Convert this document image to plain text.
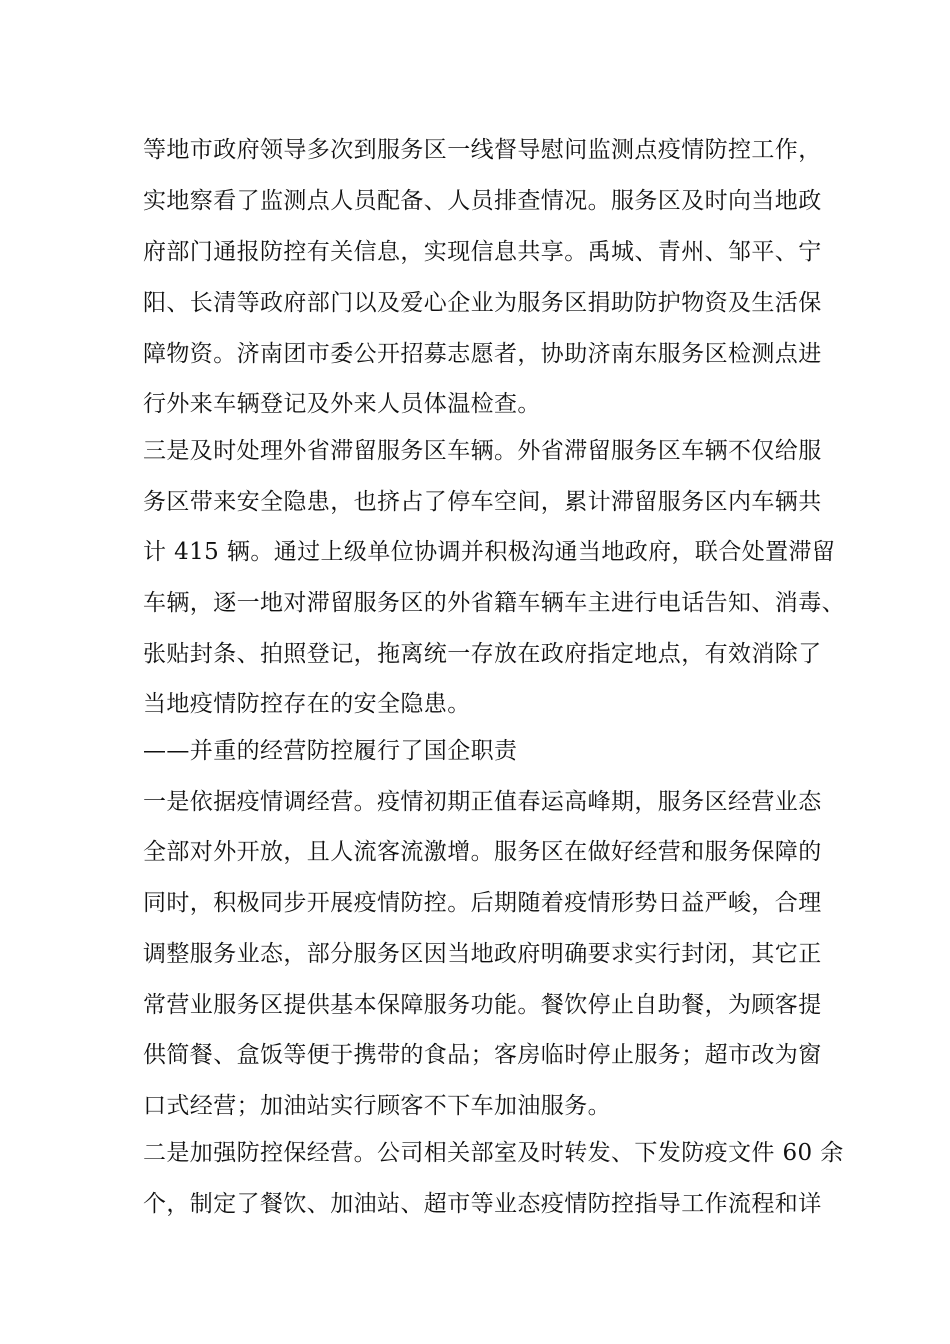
等地市政府领导多次到服务区一线督导慰问监测点疫情防控工作，
实地察看了监测点人员配备、人员排查情况。服务区及时向当地政
府部门通报防控有关信息，实现信息共享。禹城、青州、邹平、宁
阳、长清等政府部门以及爱心企业为服务区捐助防护物资及生活保
障物资。济南团市委公开招募志愿者，协助济南东服务区检测点进
行外来车辆登记及外来人员体温检查。
三是及时处理外省滞留服务区车辆。外省滞留服务区车辆不仅给服
务区带来安全隐患，也挤占了停车空间，累计滞留服务区内车辆共
计 415 辆。通过上级单位协调并积极沟通当地政府，联合处置滞留
车辆，逐一地对滞留服务区的外省籍车辆车主进行电话告知、消毒、
张贴封条、拍照登记，拖离统一存放在政府指定地点，有效消除了
当地疫情防控存在的安全隐患。
——并重的经营防控履行了国企职责
一是依据疫情调经营。疫情初期正值春运高峰期，服务区经营业态
全部对外开放，且人流客流激增。服务区在做好经营和服务保障的
同时，积极同步开展疫情防控。后期随着疫情形势日益严峻，合理
调整服务业态，部分服务区因当地政府明确要求实行封闭，其它正
常营业服务区提供基本保障服务功能。餐饮停止自助餐，为顾客提
供简餐、盒饭等便于携带的食品；客房临时停止服务；超市改为窗
口式经营；加油站实行顾客不下车加油服务。
二是加强防控保经营。公司相关部室及时转发、下发防疫文件 60 余
个，制定了餐饮、加油站、超市等业态疫情防控指导工作流程和详
